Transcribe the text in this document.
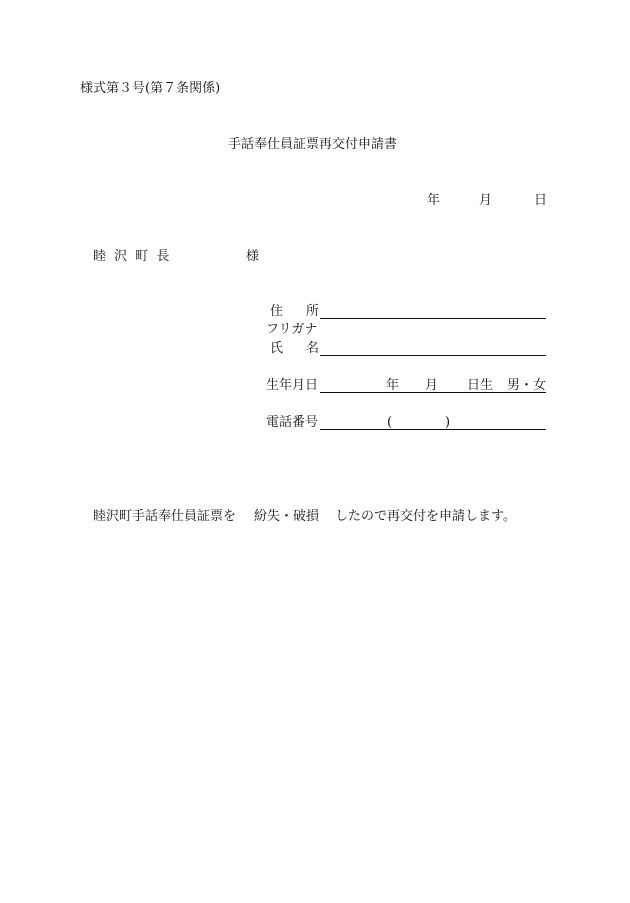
様式第３号(第７条関係)
手話奉仕員証票再交付申請書
年	月	日
睦 沢 町 長	様
住 所
フリガナ
氏 名
生年月日	年 月 日生 男・女
電話番号	(	)
睦沢町手話奉仕員証票を 紛失・破損 したので再交付を申請します。
